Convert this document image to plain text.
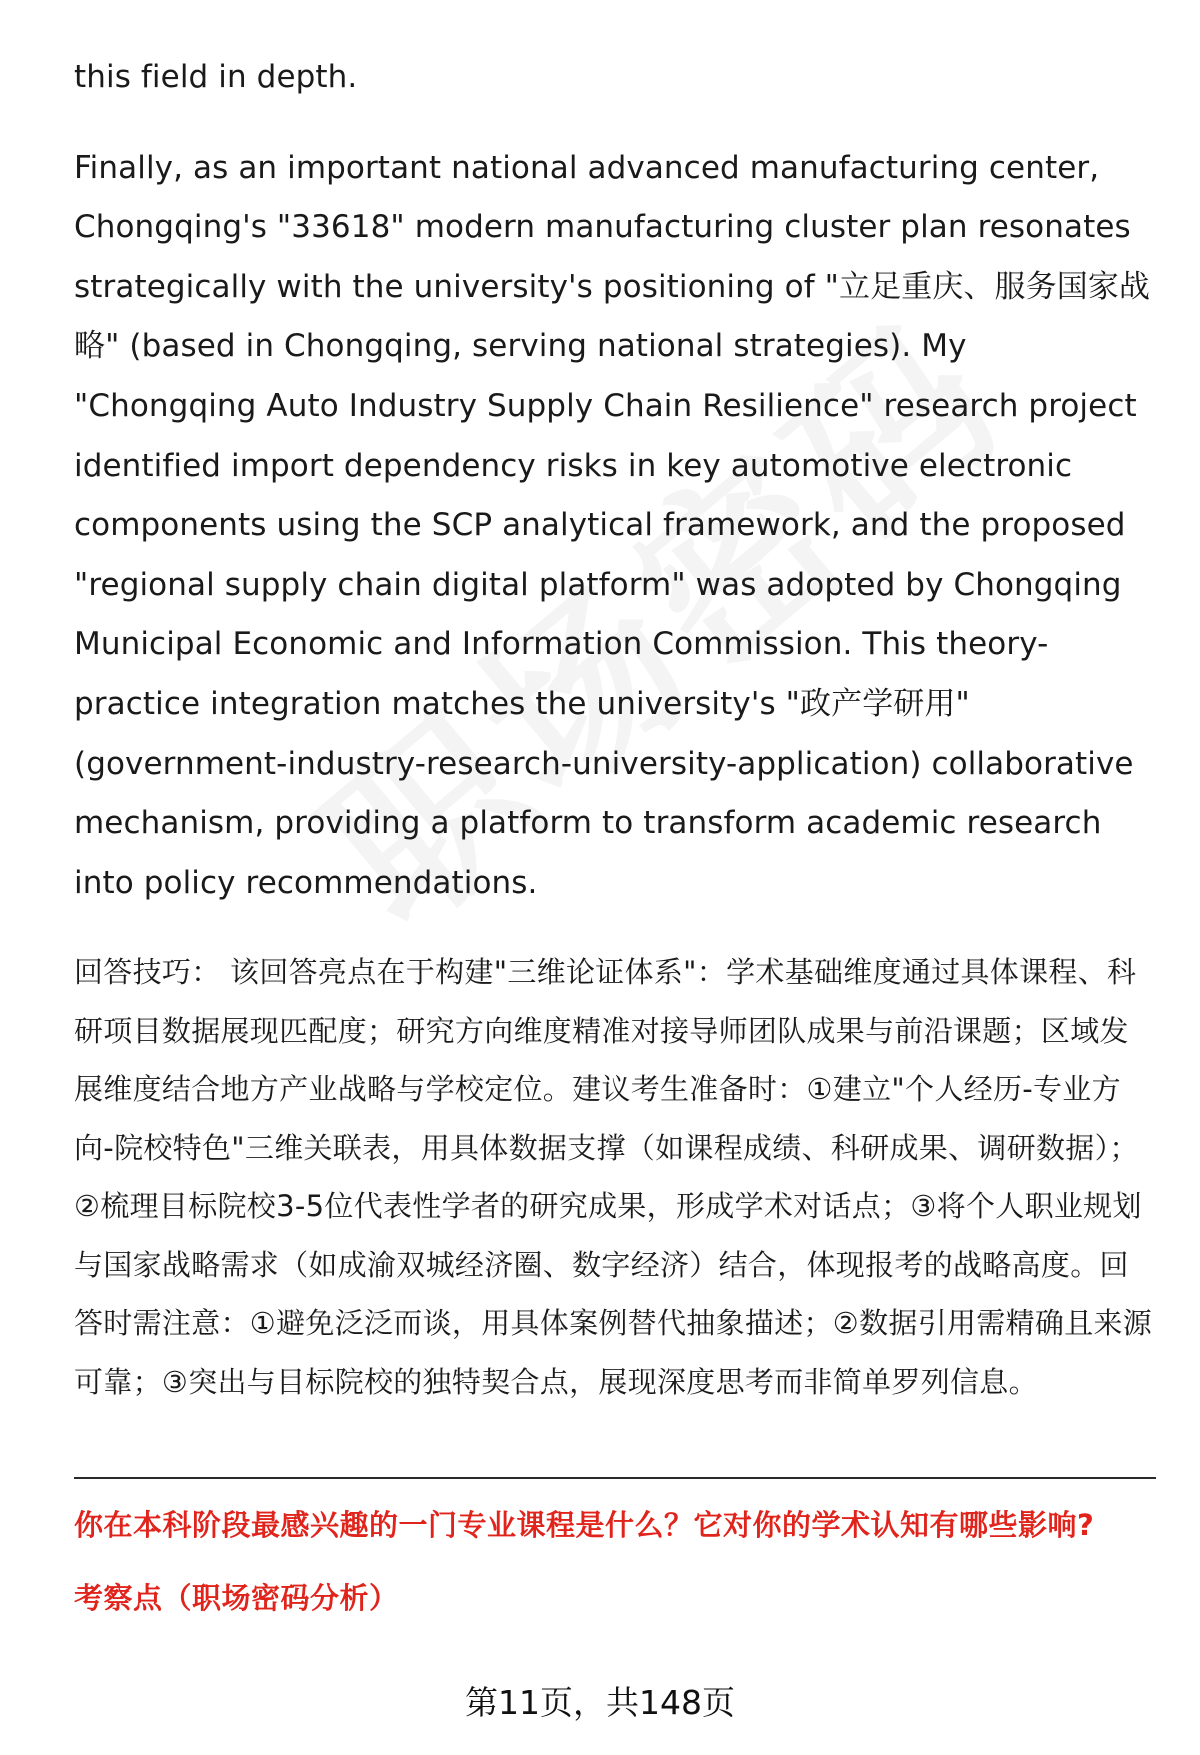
this field in depth.

Finally, as an important national advanced manufacturing center, Chongqing's "33618" modern manufacturing cluster plan resonates strategically with the university's positioning of "立足重庆、服务国家战略" (based in Chongqing, serving national strategies). My "Chongqing Auto Industry Supply Chain Resilience" research project identified import dependency risks in key automotive electronic components using the SCP analytical framework, and the proposed "regional supply chain digital platform" was adopted by Chongqing Municipal Economic and Information Commission. This theory-practice integration matches the university's "政产学研用" (government-industry-research-university-application) collaborative mechanism, providing a platform to transform academic research into policy recommendations.

回答技巧： 该回答亮点在于构建"三维论证体系"：学术基础维度通过具体课程、科研项目数据展现匹配度；研究方向维度精准对接导师团队成果与前沿课题；区域发展维度结合地方产业战略与学校定位。建议考生准备时：①建立"个人经历-专业方向-院校特色"三维关联表，用具体数据支撑（如课程成绩、科研成果、调研数据）；②梳理目标院校3-5位代表性学者的研究成果，形成学术对话点；③将个人职业规划与国家战略需求（如成渝双城经济圈、数字经济）结合，体现报考的战略高度。回答时需注意：①避免泛泛而谈，用具体案例替代抽象描述；②数据引用需精确且来源可靠；③突出与目标院校的独特契合点，展现深度思考而非简单罗列信息。

你在本科阶段最感兴趣的一门专业课程是什么？它对你的学术认知有哪些影响?

考察点（职场密码分析）

第11页，共148页
